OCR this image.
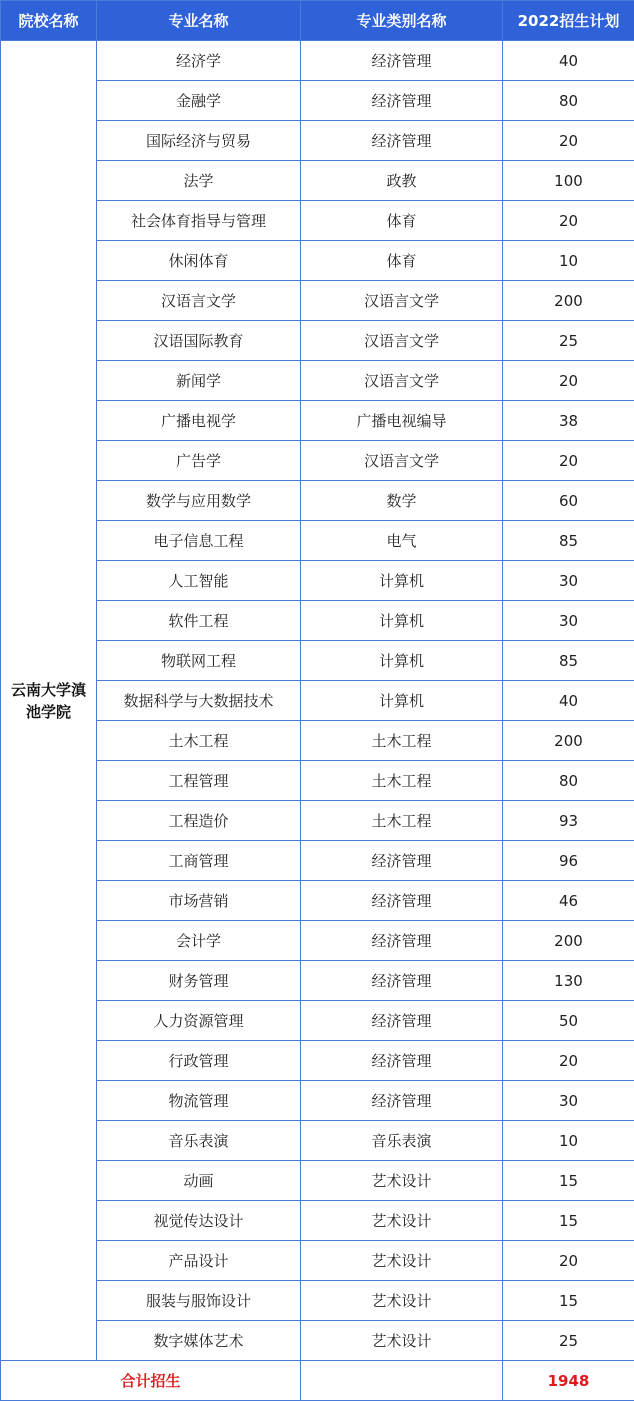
院校名称	专业名称	专业类别名称	2022招生计划
云南大学滇池学院	经济学	经济管理	40
	金融学	经济管理	80
	国际经济与贸易	经济管理	20
	法学	政教	100
	社会体育指导与管理	体育	20
	休闲体育	体育	10
	汉语言文学	汉语言文学	200
	汉语国际教育	汉语言文学	25
	新闻学	汉语言文学	20
	广播电视学	广播电视编导	38
	广告学	汉语言文学	20
	数学与应用数学	数学	60
	电子信息工程	电气	85
	人工智能	计算机	30
	软件工程	计算机	30
	物联网工程	计算机	85
	数据科学与大数据技术	计算机	40
	土木工程	土木工程	200
	工程管理	土木工程	80
	工程造价	土木工程	93
	工商管理	经济管理	96
	市场营销	经济管理	46
	会计学	经济管理	200
	财务管理	经济管理	130
	人力资源管理	经济管理	50
	行政管理	经济管理	20
	物流管理	经济管理	30
	音乐表演	音乐表演	10
	动画	艺术设计	15
	视觉传达设计	艺术设计	15
	产品设计	艺术设计	20
	服装与服饰设计	艺术设计	15
	数字媒体艺术	艺术设计	25
合计招生			1948
